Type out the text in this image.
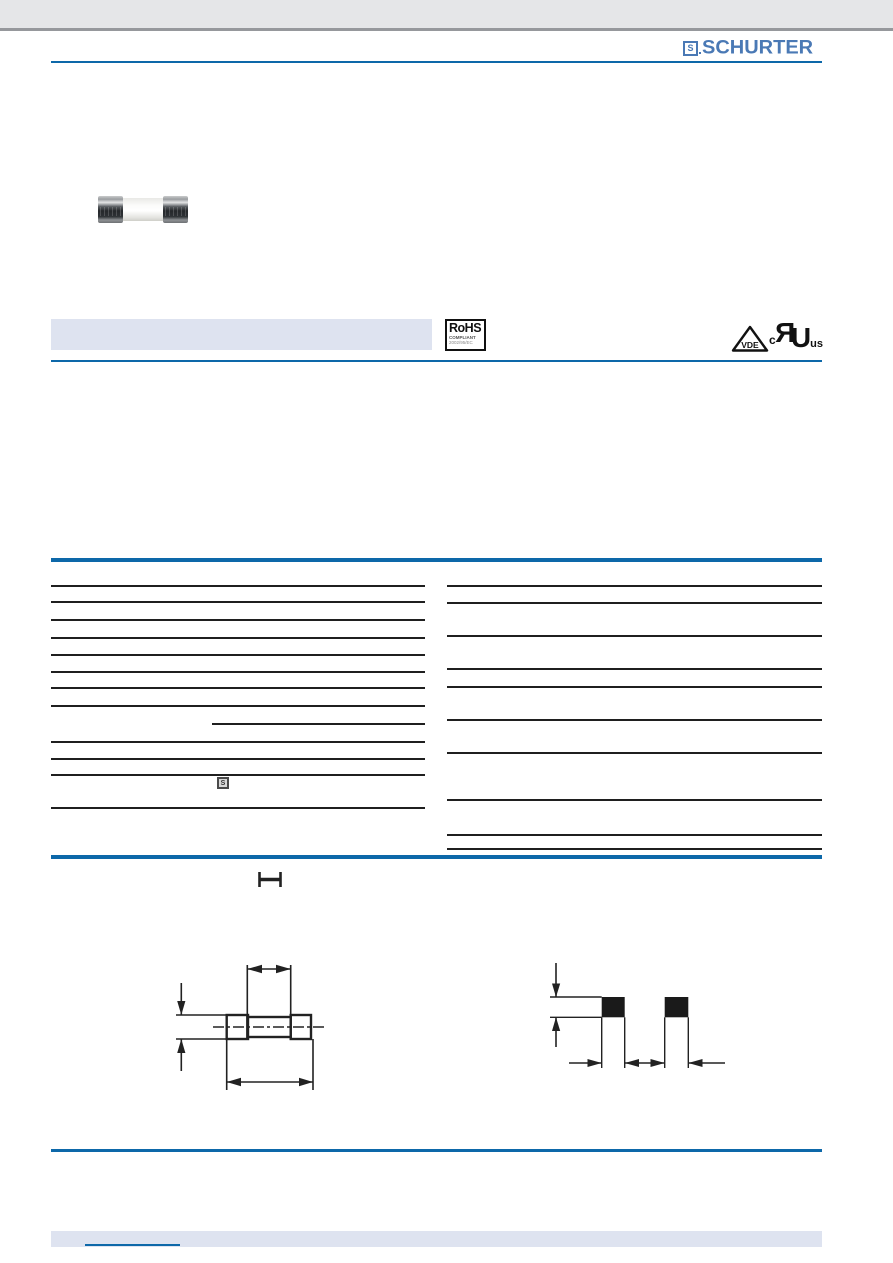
S SCHURTER
RoHS
COMPLIANT
2002/95/EC	VDE c RU us
S
